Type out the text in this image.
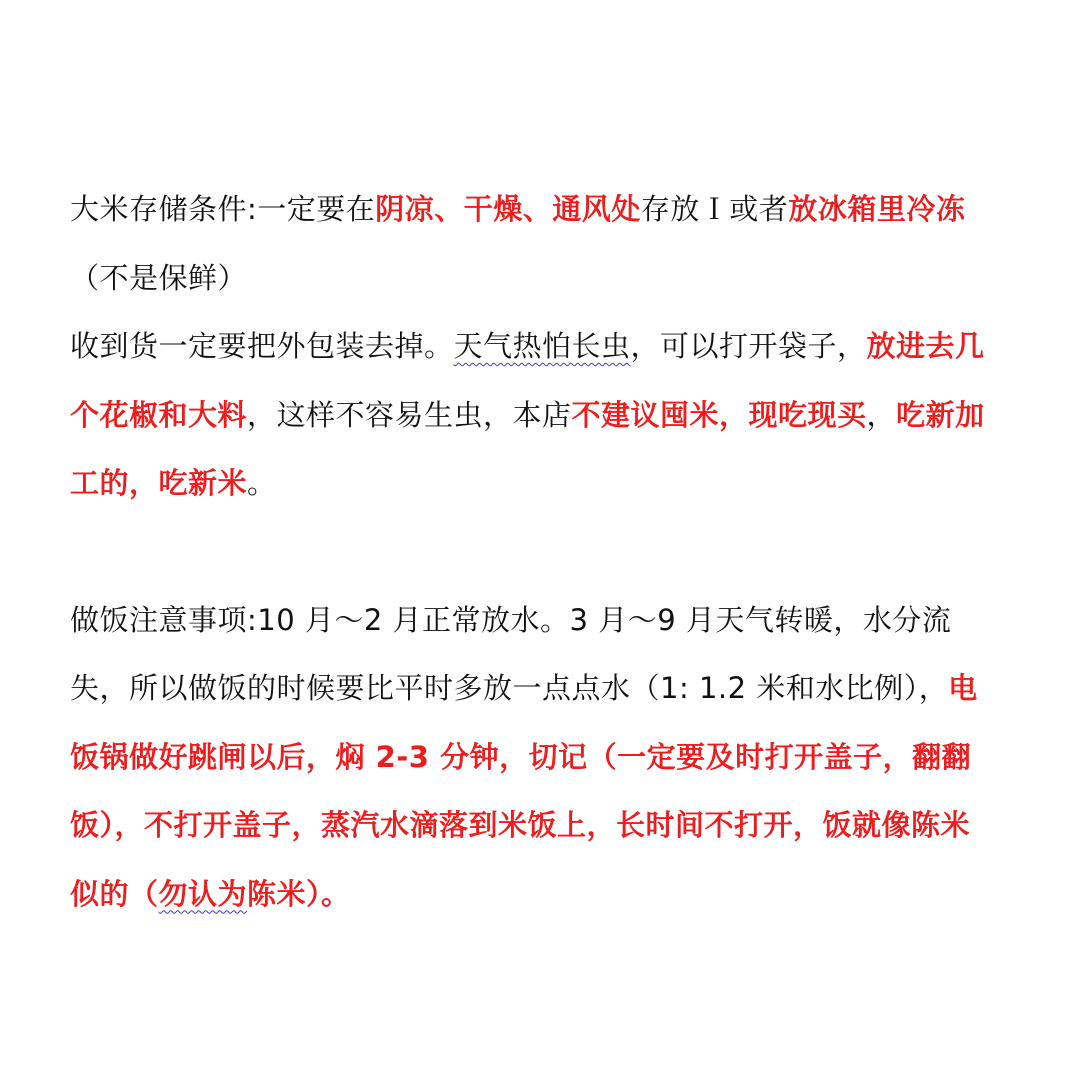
大米存储条件:一定要在阴凉、干燥、通风处存放Ｉ或者放冰箱里冷冻
（不是保鲜）
收到货一定要把外包装去掉。天气热怕长虫，可以打开袋子，放进去几个花椒和大料，这样不容易生虫，本店不建议囤米，现吃现买，吃新加工的，吃新米。
做饭注意事项:10 月～2 月正常放水。3 月～9 月天气转暖，水分流失，所以做饭的时候要比平时多放一点点水（1: 1.2 米和水比例），电饭锅做好跳闸以后，焖 2-3 分钟，切记（一定要及时打开盖子，翻翻饭），不打开盖子，蒸汽水滴落到米饭上，长时间不打开，饭就像陈米似的（勿认为陈米）。
